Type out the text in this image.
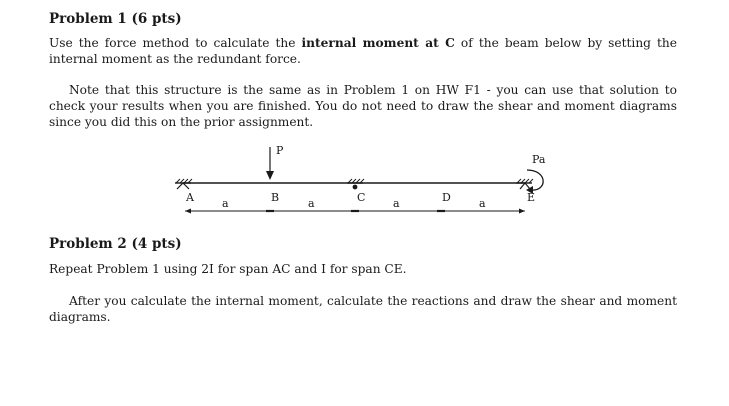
Problem 1 (6 pts)

Use the force method to calculate the internal moment at C of the beam below by setting the internal moment as the redundant force.

Note that this structure is the same as in Problem 1 on HW F1 - you can use that solution to check your results when you are finished. You do not need to draw the shear and moment diagrams since you did this on the prior assignment.

P
Pa
A	B	C	D	E
a	a	a	a
Problem 2 (4 pts)

Repeat Problem 1 using 2I for span AC and I for span CE.

After you calculate the internal moment, calculate the reactions and draw the shear and moment diagrams.
